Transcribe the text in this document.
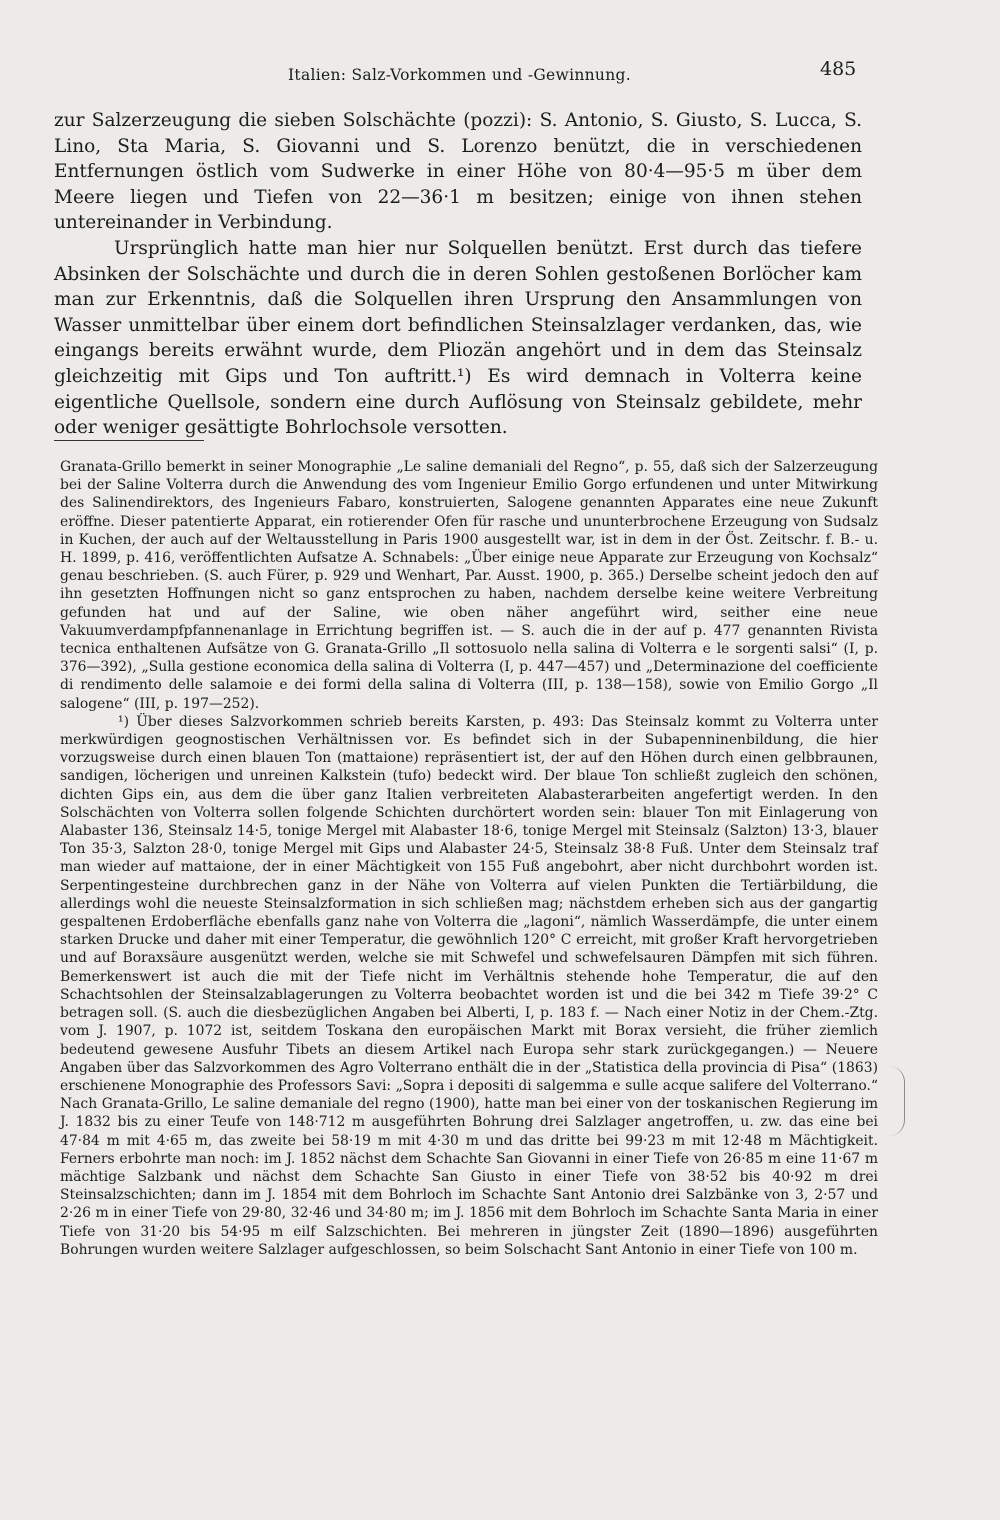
Italien: Salz-Vorkommen und -Gewinnung.	485

zur Salzerzeugung die sieben Solschächte (pozzi): S. Antonio, S. Giusto, S. Lucca, S. Lino, Sta Maria, S. Giovanni und S. Lorenzo benützt, die in verschiedenen Entfernungen östlich vom Sudwerke in einer Höhe von 80·4—95·5 m über dem Meere liegen und Tiefen von 22—36·1 m besitzen; einige von ihnen stehen untereinander in Verbindung.

Ursprünglich hatte man hier nur Solquellen benützt. Erst durch das tiefere Absinken der Solschächte und durch die in deren Sohlen gestoßenen Borlöcher kam man zur Erkenntnis, daß die Solquellen ihren Ursprung den Ansammlungen von Wasser unmittelbar über einem dort befindlichen Steinsalzlager verdanken, das, wie eingangs bereits erwähnt wurde, dem Pliozän angehört und in dem das Steinsalz gleichzeitig mit Gips und Ton auftritt.¹) Es wird demnach in Volterra keine eigentliche Quellsole, sondern eine durch Auflösung von Steinsalz gebildete, mehr oder weniger gesättigte Bohrlochsole versotten.

Granata-Grillo bemerkt in seiner Monographie „Le saline demaniali del Regno“, p. 55, daß sich der Salzerzeugung bei der Saline Volterra durch die Anwendung des vom Ingenieur Emilio Gorgo erfundenen und unter Mitwirkung des Salinendirektors, des Ingenieurs Fabaro, konstruierten, Salogene genannten Apparates eine neue Zukunft eröffne. Dieser patentierte Apparat, ein rotierender Ofen für rasche und ununterbrochene Erzeugung von Sudsalz in Kuchen, der auch auf der Weltausstellung in Paris 1900 ausgestellt war, ist in dem in der Öst. Zeitschr. f. B.- u. H. 1899, p. 416, veröffentlichten Aufsatze A. Schnabels: „Über einige neue Apparate zur Erzeugung von Kochsalz“ genau beschrieben. (S. auch Fürer, p. 929 und Wenhart, Par. Ausst. 1900, p. 365.) Derselbe scheint jedoch den auf ihn gesetzten Hoffnungen nicht so ganz entsprochen zu haben, nachdem derselbe keine weitere Verbreitung gefunden hat und auf der Saline, wie oben näher angeführt wird, seither eine neue Vakuumverdampfpfannenanlage in Errichtung begriffen ist. — S. auch die in der auf p. 477 genannten Rivista tecnica enthaltenen Aufsätze von G. Granata-Grillo „Il sottosuolo nella salina di Volterra e le sorgenti salsi“ (I, p. 376—392), „Sulla gestione economica della salina di Volterra (I, p. 447—457) und „Determinazione del coefficiente di rendimento delle salamoie e dei formi della salina di Volterra (III, p. 138—158), sowie von Emilio Gorgo „Il salogene“ (III, p. 197—252).

¹) Über dieses Salzvorkommen schrieb bereits Karsten, p. 493: Das Steinsalz kommt zu Volterra unter merkwürdigen geognostischen Verhältnissen vor. Es befindet sich in der Subapenninenbildung, die hier vorzugsweise durch einen blauen Ton (mattaione) repräsentiert ist, der auf den Höhen durch einen gelbbraunen, sandigen, löcherigen und unreinen Kalkstein (tufo) bedeckt wird. Der blaue Ton schließt zugleich den schönen, dichten Gips ein, aus dem die über ganz Italien verbreiteten Alabasterarbeiten angefertigt werden. In den Solschächten von Volterra sollen folgende Schichten durchörtert worden sein: blauer Ton mit Einlagerung von Alabaster 136, Steinsalz 14·5, tonige Mergel mit Alabaster 18·6, tonige Mergel mit Steinsalz (Salzton) 13·3, blauer Ton 35·3, Salzton 28·0, tonige Mergel mit Gips und Alabaster 24·5, Steinsalz 38·8 Fuß. Unter dem Steinsalz traf man wieder auf mattaione, der in einer Mächtigkeit von 155 Fuß angebohrt, aber nicht durchbohrt worden ist. Serpentingesteine durchbrechen ganz in der Nähe von Volterra auf vielen Punkten die Tertiärbildung, die allerdings wohl die neueste Steinsalzformation in sich schließen mag; nächstdem erheben sich aus der gangartig gespaltenen Erdoberfläche ebenfalls ganz nahe von Volterra die „lagoni“, nämlich Wasserdämpfe, die unter einem starken Drucke und daher mit einer Temperatur, die gewöhnlich 120° C erreicht, mit großer Kraft hervorgetrieben und auf Boraxsäure ausgenützt werden, welche sie mit Schwefel und schwefelsauren Dämpfen mit sich führen. Bemerkenswert ist auch die mit der Tiefe nicht im Verhältnis stehende hohe Temperatur, die auf den Schachtsohlen der Steinsalzablagerungen zu Volterra beobachtet worden ist und die bei 342 m Tiefe 39·2° C betragen soll. (S. auch die diesbezüglichen Angaben bei Alberti, I, p. 183 f. — Nach einer Notiz in der Chem.-Ztg. vom J. 1907, p. 1072 ist, seitdem Toskana den europäischen Markt mit Borax versieht, die früher ziemlich bedeutend gewesene Ausfuhr Tibets an diesem Artikel nach Europa sehr stark zurückgegangen.) — Neuere Angaben über das Salzvorkommen des Agro Volterrano enthält die in der „Statistica della provincia di Pisa“ (1863) erschienene Monographie des Professors Savi: „Sopra i depositi di salgemma e sulle acque salifere del Volterrano.“ Nach Granata-Grillo, Le saline demaniale del regno (1900), hatte man bei einer von der toskanischen Regierung im J. 1832 bis zu einer Teufe von 148·712 m ausgeführten Bohrung drei Salzlager angetroffen, u. zw. das eine bei 47·84 m mit 4·65 m, das zweite bei 58·19 m mit 4·30 m und das dritte bei 99·23 m mit 12·48 m Mächtigkeit. Ferners erbohrte man noch: im J. 1852 nächst dem Schachte San Giovanni in einer Tiefe von 26·85 m eine 11·67 m mächtige Salzbank und nächst dem Schachte San Giusto in einer Tiefe von 38·52 bis 40·92 m drei Steinsalzschichten; dann im J. 1854 mit dem Bohrloch im Schachte Sant Antonio drei Salzbänke von 3, 2·57 und 2·26 m in einer Tiefe von 29·80, 32·46 und 34·80 m; im J. 1856 mit dem Bohrloch im Schachte Santa Maria in einer Tiefe von 31·20 bis 54·95 m eilf Salzschichten. Bei mehreren in jüngster Zeit (1890—1896) ausgeführten Bohrungen wurden weitere Salzlager aufgeschlossen, so beim Solschacht Sant Antonio in einer Tiefe von 100 m.
